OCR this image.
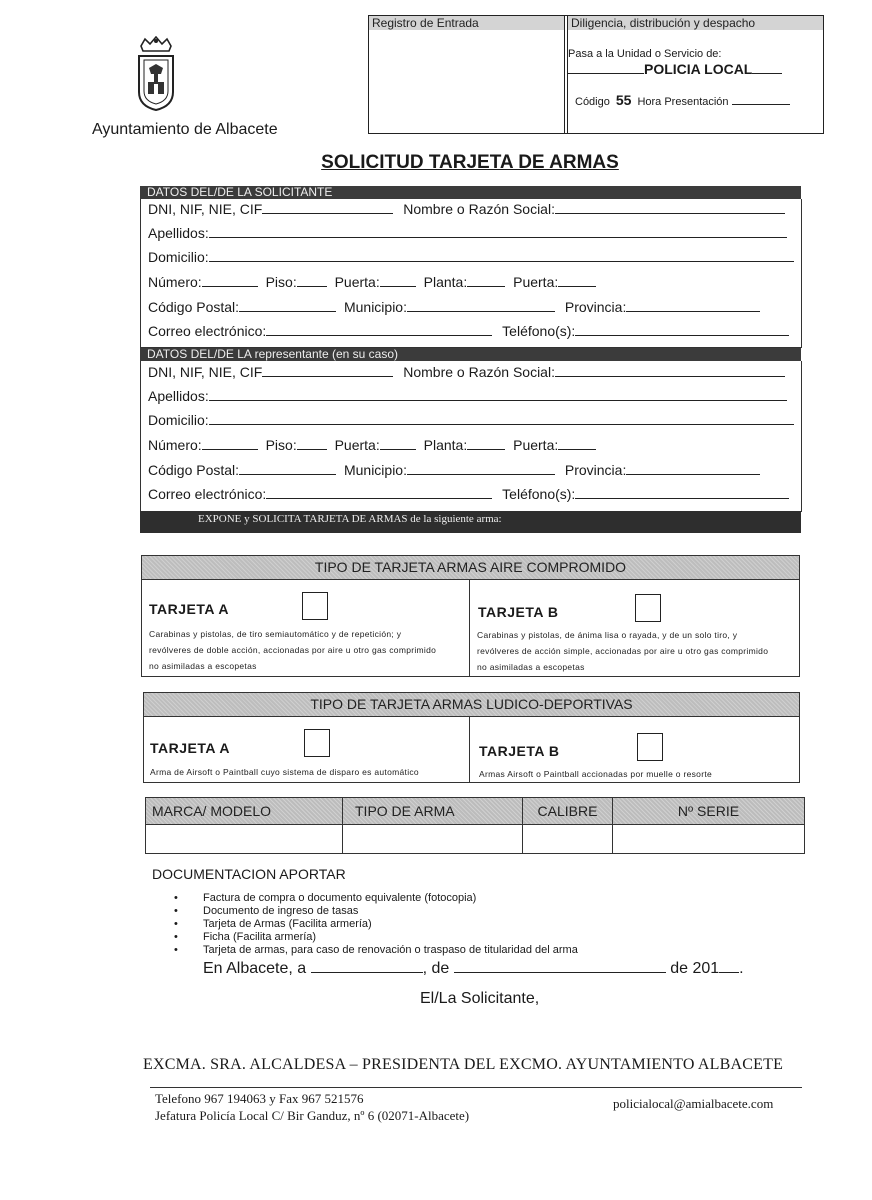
Ayuntamiento de Albacete
Registro de Entrada	Diligencia, distribución y despacho
Pasa a la Unidad o Servicio de:
POLICIA LOCAL
Código 55 Hora Presentación
SOLICITUD TARJETA DE ARMAS
DATOS DEL/DE LA SOLICITANTE
DNI, NIF, NIE, CIF	Nombre o Razón Social:
Apellidos:
Domicilio:
Número:	Piso:	Puerta:	Planta:	Puerta:
Código Postal:	Municipio:	Provincia:
Correo electrónico:	Teléfono(s):
DATOS DEL/DE LA representante (en su caso)
DNI, NIF, NIE, CIF	Nombre o Razón Social:
Apellidos:
Domicilio:
Número:	Piso:	Puerta:	Planta:	Puerta:
Código Postal:	Municipio:	Provincia:
Correo electrónico:	Teléfono(s):
EXPONE y SOLICITA TARJETA DE ARMAS de la siguiente arma:
TIPO DE TARJETA ARMAS AIRE COMPROMIDO
TARJETA A
Carabinas y pistolas, de tiro semiautomático y de repetición; y
revólveres de doble acción, accionadas por aire u otro gas comprimido
no asimiladas a escopetas
TARJETA B
Carabinas y pistolas, de ánima lisa o rayada, y de un solo tiro, y
revólveres de acción simple, accionadas por aire u otro gas comprimido
no asimiladas a escopetas
TIPO DE TARJETA ARMAS LUDICO-DEPORTIVAS
TARJETA A
Arma de Airsoft o Paintball cuyo sistema de disparo es automático
TARJETA B
Armas Airsoft o Paintball accionadas por muelle o resorte
MARCA/ MODELO	TIPO DE ARMA	CALIBRE	Nº SERIE
DOCUMENTACION APORTAR
• Factura de compra o documento equivalente (fotocopia)
• Documento de ingreso de tasas
• Tarjeta de Armas (Facilita armería)
• Ficha (Facilita armería)
• Tarjeta de armas, para caso de renovación o traspaso de titularidad del arma
En Albacete, a	, de	de 201 .
El/La Solicitante,
EXCMA. SRA. ALCALDESA – PRESIDENTA DEL EXCMO. AYUNTAMIENTO ALBACETE
Telefono 967 194063 y Fax 967 521576
Jefatura Policía Local C/ Bir Ganduz, nº 6 (02071-Albacete)
policialocal@amialbacete.com
